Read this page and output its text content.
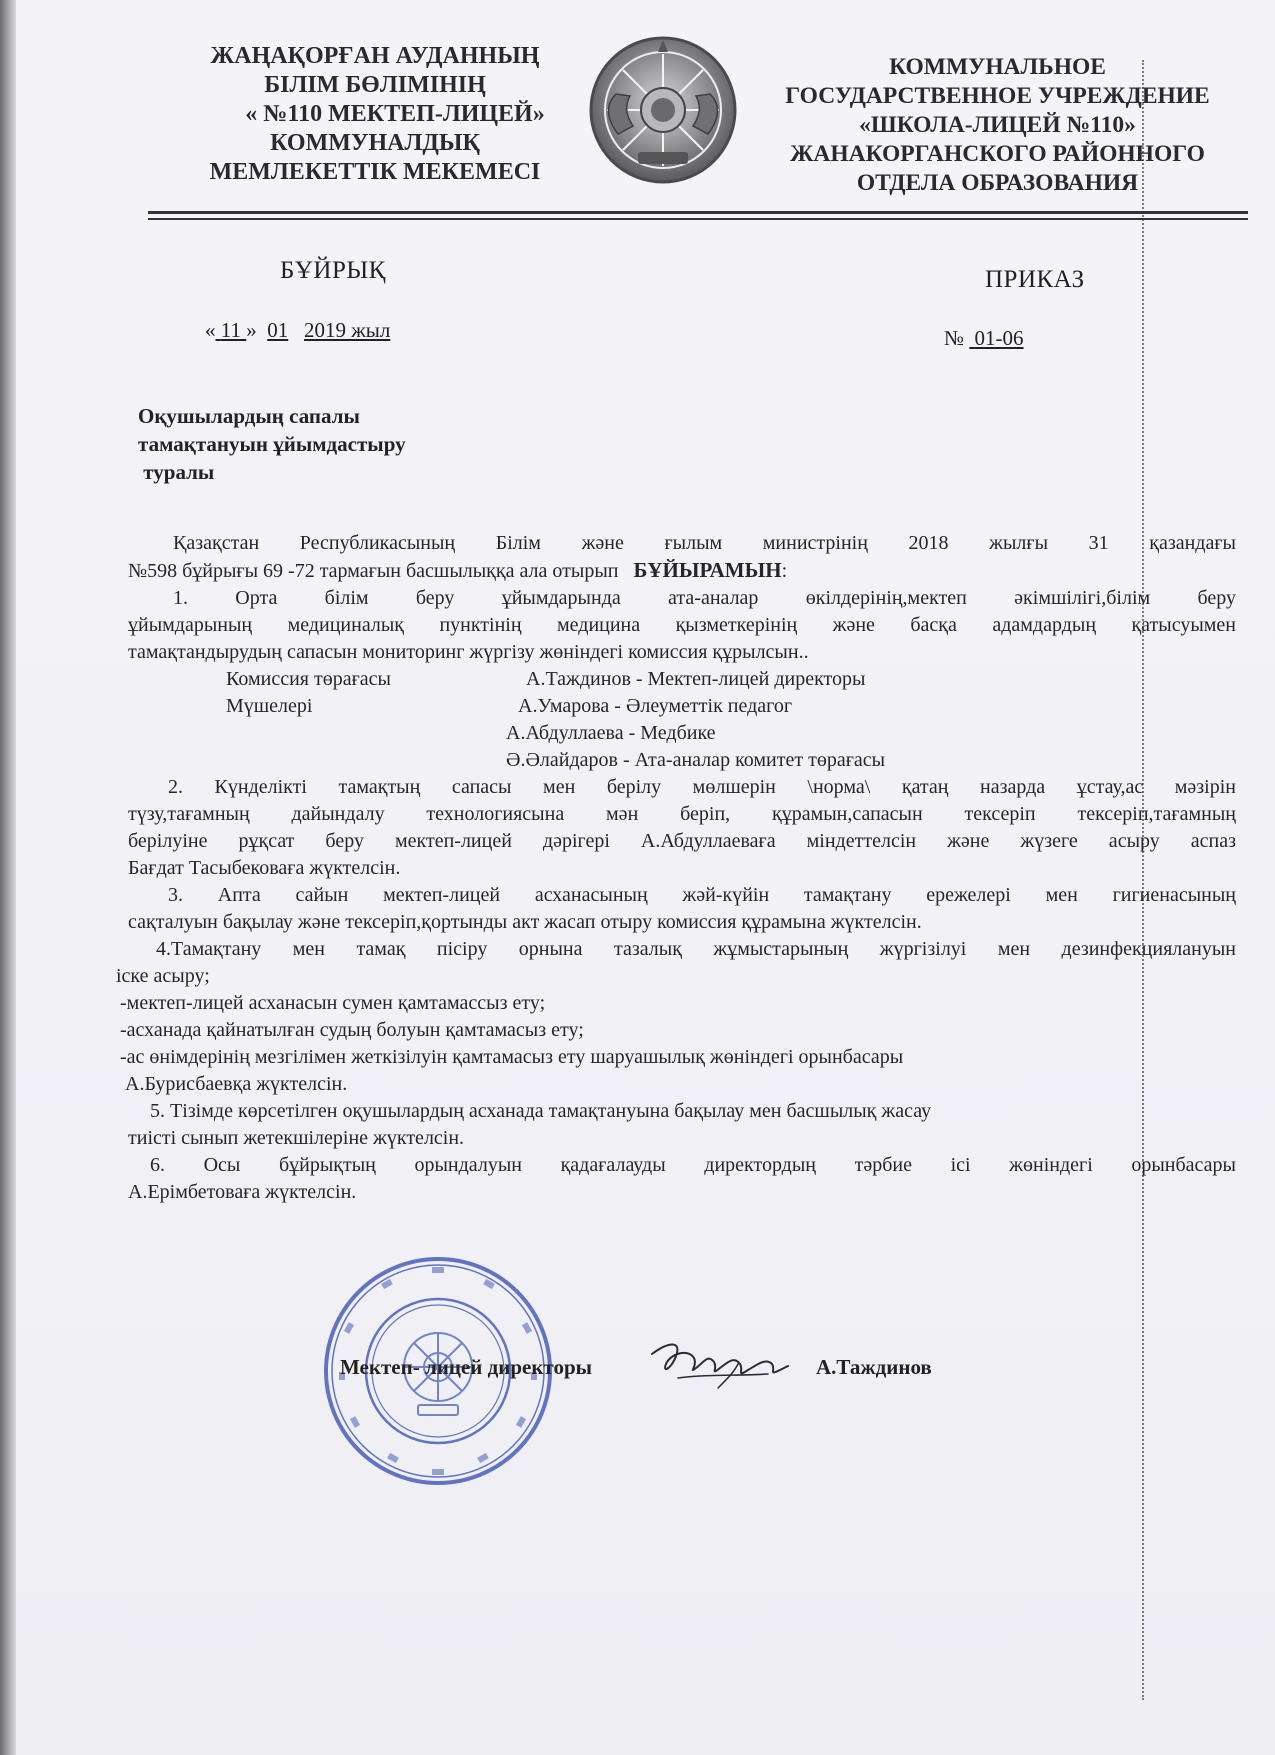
ЖАҢАҚОРҒАН АУДАННЫҢ
БІЛІМ БӨЛІМІНІҢ
« №110 МЕКТЕП-ЛИЦЕЙ»
КОММУНАЛДЫҚ
МЕМЛЕКЕТТІК МЕКЕМЕСІ
КОММУНАЛЬНОЕ
ГОСУДАРСТВЕННОЕ УЧРЕЖДЕНИЕ
«ШКОЛА-ЛИЦЕЙ №110»
ЖАНАКОРГАНСКОГО РАЙОННОГО
ОТДЕЛА ОБРАЗОВАНИЯ
БҰЙРЫҚ	ПРИКАЗ
« 11 » 01 2019 жыл	№ 01-06
Оқушылардың сапалы
тамақтануын ұйымдастыру
туралы
Қазақстан Республикасының Білім және ғылым министрінің 2018 жылғы 31 қазандағы
№598 бұйрығы 69 -72 тармағын басшылыққа ала отырып БҰЙЫРАМЫН:
1. Орта білім беру ұйымдарында ата-аналар өкілдерінің,мектеп әкімшілігі,білім беру
ұйымдарының медициналық пунктінің медицина қызметкерінің және басқа адамдардың қатысуымен
тамақтандырудың сапасын мониторинг жүргізу жөніндегі комиссия құрылсын..
Комиссия төрағасы	А.Таждинов - Мектеп-лицей директоры
Мүшелері	А.Умарова - Әлеуметтік педагог
А.Абдуллаева - Медбике
Ә.Әлайдаров - Ата-аналар комитет төрағасы
2. Күнделікті тамақтың сапасы мен берілу мөлшерін \норма\ қатаң назарда ұстау,ас мәзірін
түзу,тағамның дайындалу технологиясына мән беріп, құрамын,сапасын тексеріп тексеріп,тағамның
берілуіне рұқсат беру мектеп-лицей дәрігері А.Абдуллаеваға міндеттелсін және жүзеге асыру аспаз
Бағдат Тасыбековаға жүктелсін.
3. Апта сайын мектеп-лицей асханасының жәй-күйін тамақтану ережелері мен гигиенасының
сақталуын бақылау және тексеріп,қортынды акт жасап отыру комиссия құрамына жүктелсін.
4.Тамақтану мен тамақ пісіру орнына тазалық жұмыстарының жүргізілуі мен дезинфекциялануын
іске асыру;
-мектеп-лицей асханасын сумен қамтамассыз ету;
-асханада қайнатылған судың болуын қамтамасыз ету;
-ас өнімдерінің мезгілімен жеткізілуін қамтамасыз ету шаруашылық жөніндегі орынбасары
А.Бурисбаевқа жүктелсін.
5. Тізімде көрсетілген оқушылардың асханада тамақтануына бақылау мен басшылық жасау
тиісті сынып жетекшілеріне жүктелсін.
6. Осы бұйрықтың орындалуын қадағалауды директордың тәрбие ісі жөніндегі орынбасары
А.Ерімбетоваға жүктелсін.
Мектеп- лицей директоры	А.Таждинов
